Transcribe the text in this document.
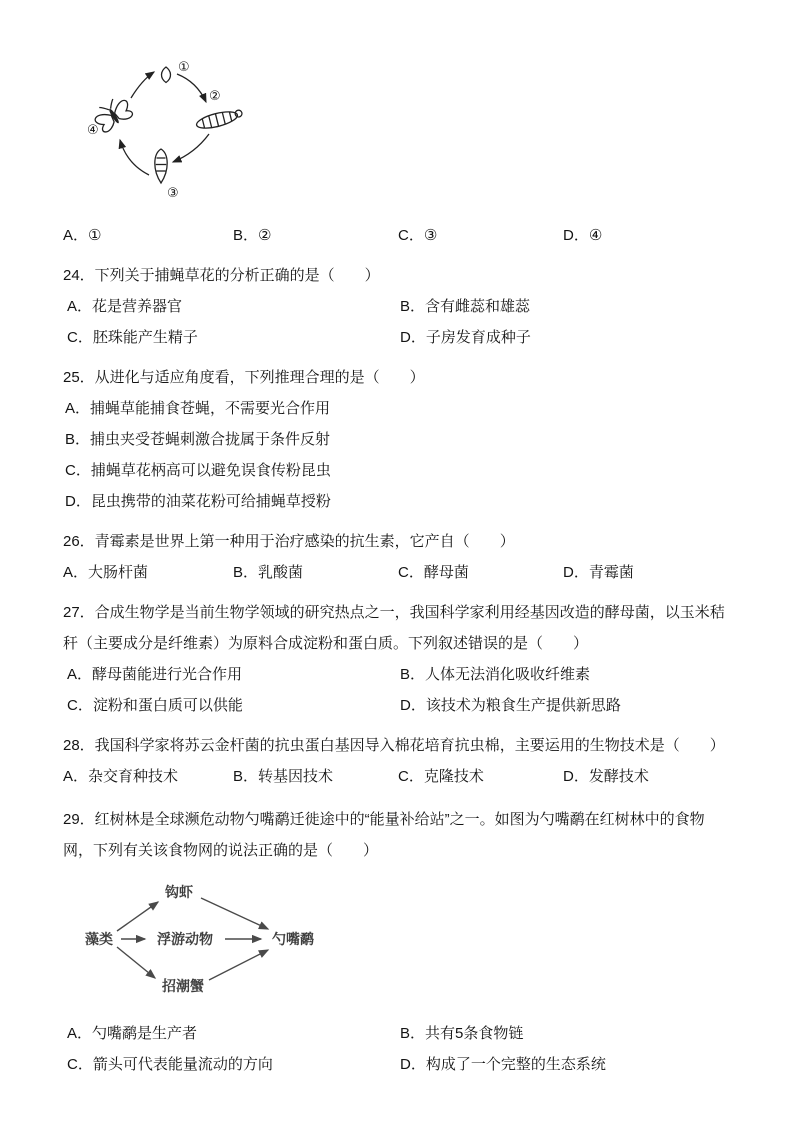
①
②
③
④
A．①	B．②	C．③	D．④
24．下列关于捕蝇草花的分析正确的是（　　）
A．花是营养器官	B．含有雌蕊和雄蕊
C．胚珠能产生精子	D．子房发育成种子
25．从进化与适应角度看，下列推理合理的是（　　）
A．捕蝇草能捕食苍蝇，不需要光合作用
B．捕虫夹受苍蝇刺激合拢属于条件反射
C．捕蝇草花柄高可以避免误食传粉昆虫
D．昆虫携带的油菜花粉可给捕蝇草授粉
26．青霉素是世界上第一种用于治疗感染的抗生素，它产自（　　）
A．大肠杆菌	B．乳酸菌	C．酵母菌	D．青霉菌
27．合成生物学是当前生物学领域的研究热点之一，我国科学家利用经基因改造的酵母菌，以玉米秸秆（主要成分是纤维素）为原料合成淀粉和蛋白质。下列叙述错误的是（　　）
A．酵母菌能进行光合作用	B．人体无法消化吸收纤维素
C．淀粉和蛋白质可以供能	D．该技术为粮食生产提供新思路
28．我国科学家将苏云金杆菌的抗虫蛋白基因导入棉花培育抗虫棉，主要运用的生物技术是（　　）
A．杂交育种技术	B．转基因技术	C．克隆技术	D．发酵技术
29．红树林是全球濒危动物勺嘴鹬迁徙途中的“能量补给站”之一。如图为勺嘴鹬在红树林中的食物网，下列有关该食物网的说法正确的是（　　）
钩虾
藻类	浮游动物	勺嘴鹬
招潮蟹
A．勺嘴鹬是生产者	B．共有5条食物链
C．箭头可代表能量流动的方向	D．构成了一个完整的生态系统
